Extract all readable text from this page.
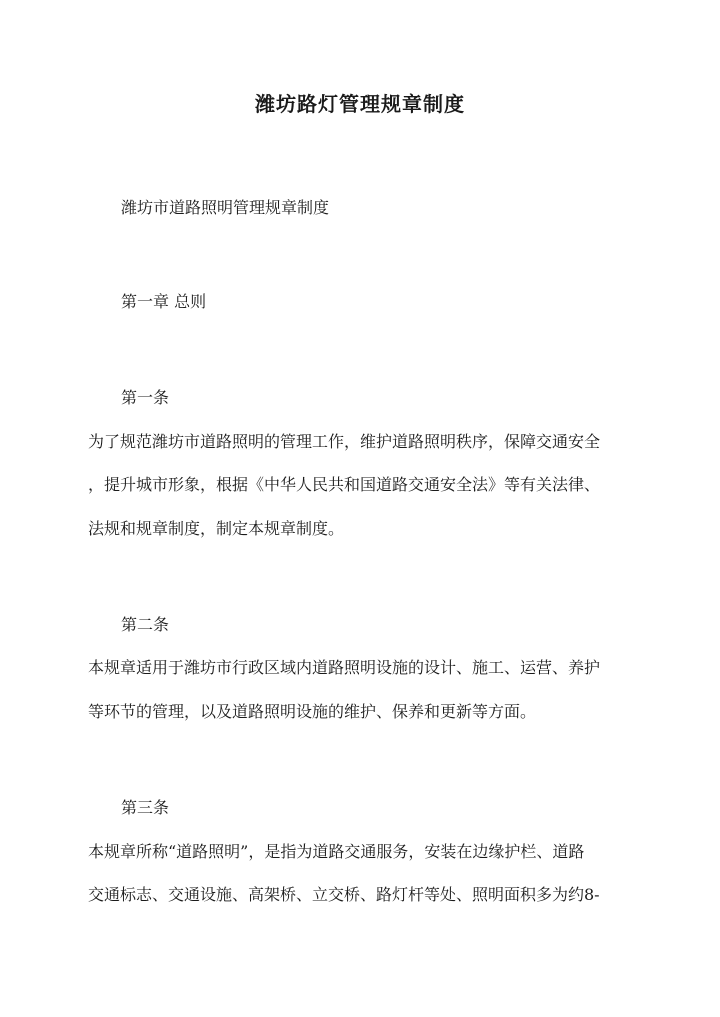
潍坊路灯管理规章制度
潍坊市道路照明管理规章制度
第一章 总则
第一条
为了规范潍坊市道路照明的管理工作，维护道路照明秩序，保障交通安全
，提升城市形象，根据《中华人民共和国道路交通安全法》等有关法律、
法规和规章制度，制定本规章制度。
第二条
本规章适用于潍坊市行政区域内道路照明设施的设计、施工、运营、养护
等环节的管理，以及道路照明设施的维护、保养和更新等方面。
第三条
本规章所称“道路照明”，是指为道路交通服务，安装在边缘护栏、道路
交通标志、交通设施、高架桥、立交桥、路灯杆等处、照明面积多为约8-
